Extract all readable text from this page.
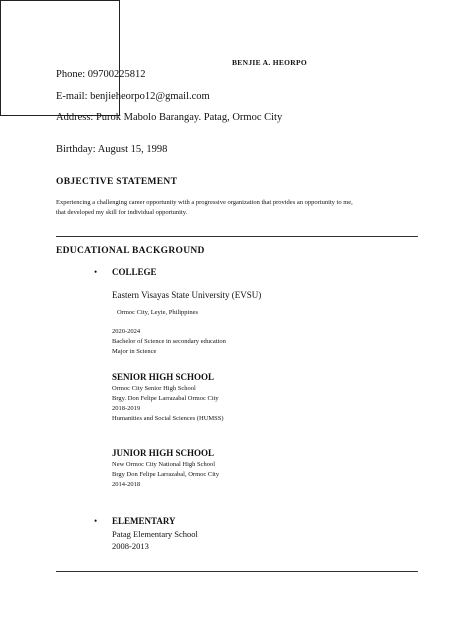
BENJIE A. HEORPO
Phone: 09700225812
E-mail: benjieheorpo12@gmail.com
Address: Purok Mabolo Barangay. Patag, Ormoc City
Birthday: August 15, 1998
OBJECTIVE STATEMENT
Experiencing a challenging career opportunity with a progressive organization that provides an opportunity to me,
that developed my skill for individual opportunity.
EDUCATIONAL BACKGROUND
• COLLEGE
Eastern Visayas State University (EVSU)
Ormoc City, Leyte, Philippines
2020-2024
Bachelor of Science in secondary education
Major in Science
SENIOR HIGH SCHOOL
Ormoc City Senior High School
Brgy. Don Felipe Larrazabal Ormoc City
2018-2019
Humanities and Social Sciences (HUMSS)
JUNIOR HIGH SCHOOL
New Ormoc City National High School
Brgy Don Felipe Larrazabal, Ormoc City
2014-2018
• ELEMENTARY
Patag Elementary School
2008-2013
